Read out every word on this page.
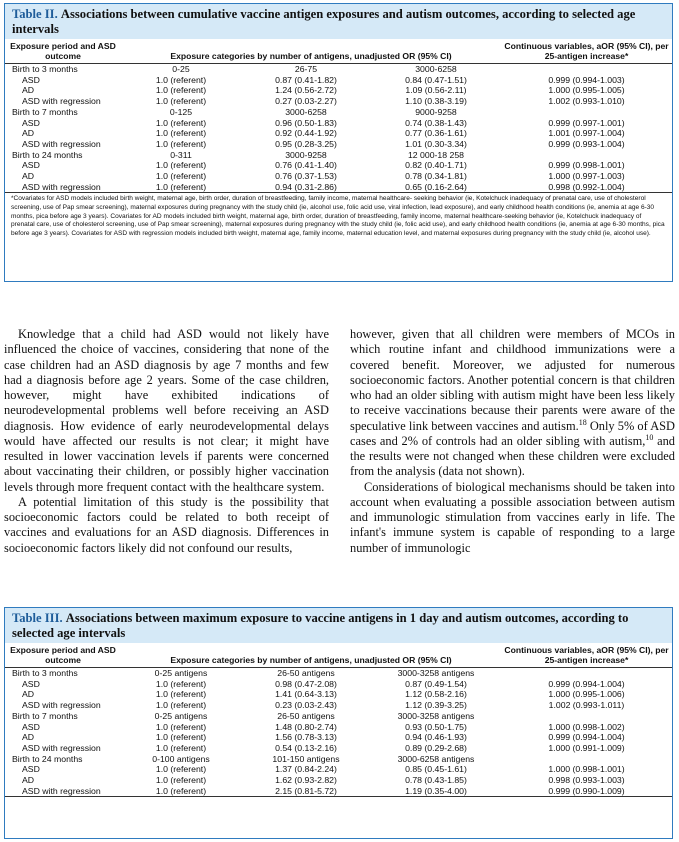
Table II. Associations between cumulative vaccine antigen exposures and autism outcomes, according to selected age intervals
Exposure period and ASD outcome	Exposure categories by number of antigens, unadjusted OR (95% CI)			Continuous variables, aOR (95% CI), per 25-antigen increase*
Birth to 3 months	0-25	26-75	3000-6258	
ASD	1.0 (referent)	0.87 (0.41-1.82)	0.84 (0.47-1.51)	0.999 (0.994-1.003)
AD	1.0 (referent)	1.24 (0.56-2.72)	1.09 (0.56-2.11)	1.000 (0.995-1.005)
ASD with regression	1.0 (referent)	0.27 (0.03-2.27)	1.10 (0.38-3.19)	1.002 (0.993-1.010)
Birth to 7 months	0-125	3000-6258	9000-9258	
ASD	1.0 (referent)	0.96 (0.50-1.83)	0.74 (0.38-1.43)	0.999 (0.997-1.001)
AD	1.0 (referent)	0.92 (0.44-1.92)	0.77 (0.36-1.61)	1.001 (0.997-1.004)
ASD with regression	1.0 (referent)	0.95 (0.28-3.25)	1.01 (0.30-3.34)	0.999 (0.993-1.004)
Birth to 24 months	0-311	3000-9258	12 000-18 258	
ASD	1.0 (referent)	0.76 (0.41-1.40)	0.82 (0.40-1.71)	0.999 (0.998-1.001)
AD	1.0 (referent)	0.76 (0.37-1.53)	0.78 (0.34-1.81)	1.000 (0.997-1.003)
ASD with regression	1.0 (referent)	0.94 (0.31-2.86)	0.65 (0.16-2.64)	0.998 (0.992-1.004)
*Covariates for ASD models included birth weight, maternal age, birth order, duration of breastfeeding, family income, maternal healthcare- seeking behavior (ie, Kotelchuck inadequacy of prenatal care, use of cholesterol screening, use of Pap smear screening), maternal exposures during pregnancy with the study child (ie, alcohol use, folic acid use, viral infection, lead exposure), and early childhood health conditions (ie, anemia at age 6-30 months, pica before age 3 years). Covariates for AD models included birth weight, maternal age, birth order, duration of breastfeeding, family income, maternal healthcare-seeking behavior (ie, Kotelchuck inadequacy of prenatal care, use of cholesterol screening, use of Pap smear screening), maternal exposures during pregnancy with the study child (ie, folic acid use), and early childhood health conditions (ie, anemia at age 6-30 months, pica before age 3 years). Covariates for ASD with regression models included birth weight, maternal age, family income, maternal education level, and maternal exposures during pregnancy with the study child (ie, alcohol use).

Knowledge that a child had ASD would not likely have influenced the choice of vaccines, considering that none of the case children had an ASD diagnosis by age 7 months and few had a diagnosis before age 2 years. Some of the case children, however, might have exhibited indications of neurodevelopmental problems well before receiving an ASD diagnosis. How evidence of early neurodevelopmental delays would have affected our results is not clear; it might have resulted in lower vaccination levels if parents were concerned about vaccinating their children, or possibly higher vaccination levels through more frequent contact with the healthcare system.

A potential limitation of this study is the possibility that socioeconomic factors could be related to both receipt of vaccines and evaluations for an ASD diagnosis. Differences in socioeconomic factors likely did not confound our results,

however, given that all children were members of MCOs in which routine infant and childhood immunizations were a covered benefit. Moreover, we adjusted for numerous socioeconomic factors. Another potential concern is that children who had an older sibling with autism might have been less likely to receive vaccinations because their parents were aware of the speculative link between vaccines and autism.$^{18}$ Only 5% of ASD cases and 2% of controls had an older sibling with autism,$^{10}$ and the results were not changed when these children were excluded from the analysis (data not shown).

Considerations of biological mechanisms should be taken into account when evaluating a possible association between autism and immunologic stimulation from vaccines early in life. The infant's immune system is capable of responding to a large number of immunologic

Table III. Associations between maximum exposure to vaccine antigens in 1 day and autism outcomes, according to selected age intervals
Exposure period and ASD outcome	Exposure categories by number of antigens, unadjusted OR (95% CI)			Continuous variables, aOR (95% CI), per 25-antigen increase*
Birth to 3 months	0-25 antigens	26-50 antigens	3000-3258 antigens	
ASD	1.0 (referent)	0.98 (0.47-2.08)	0.87 (0.49-1.54)	0.999 (0.994-1.004)
AD	1.0 (referent)	1.41 (0.64-3.13)	1.12 (0.58-2.16)	1.000 (0.995-1.006)
ASD with regression	1.0 (referent)	0.23 (0.03-2.43)	1.12 (0.39-3.25)	1.002 (0.993-1.011)
Birth to 7 months	0-25 antigens	26-50 antigens	3000-3258 antigens	
ASD	1.0 (referent)	1.48 (0.80-2.74)	0.93 (0.50-1.75)	1.000 (0.998-1.002)
AD	1.0 (referent)	1.56 (0.78-3.13)	0.94 (0.46-1.93)	0.999 (0.994-1.004)
ASD with regression	1.0 (referent)	0.54 (0.13-2.16)	0.89 (0.29-2.68)	1.000 (0.991-1.009)
Birth to 24 months	0-100 antigens	101-150 antigens	3000-6258 antigens	
ASD	1.0 (referent)	1.37 (0.84-2.24)	0.85 (0.45-1.61)	1.000 (0.998-1.001)
AD	1.0 (referent)	1.62 (0.93-2.82)	0.78 (0.43-1.85)	0.998 (0.993-1.003)
ASD with regression	1.0 (referent)	2.15 (0.81-5.72)	1.19 (0.35-4.00)	0.999 (0.990-1.009)
